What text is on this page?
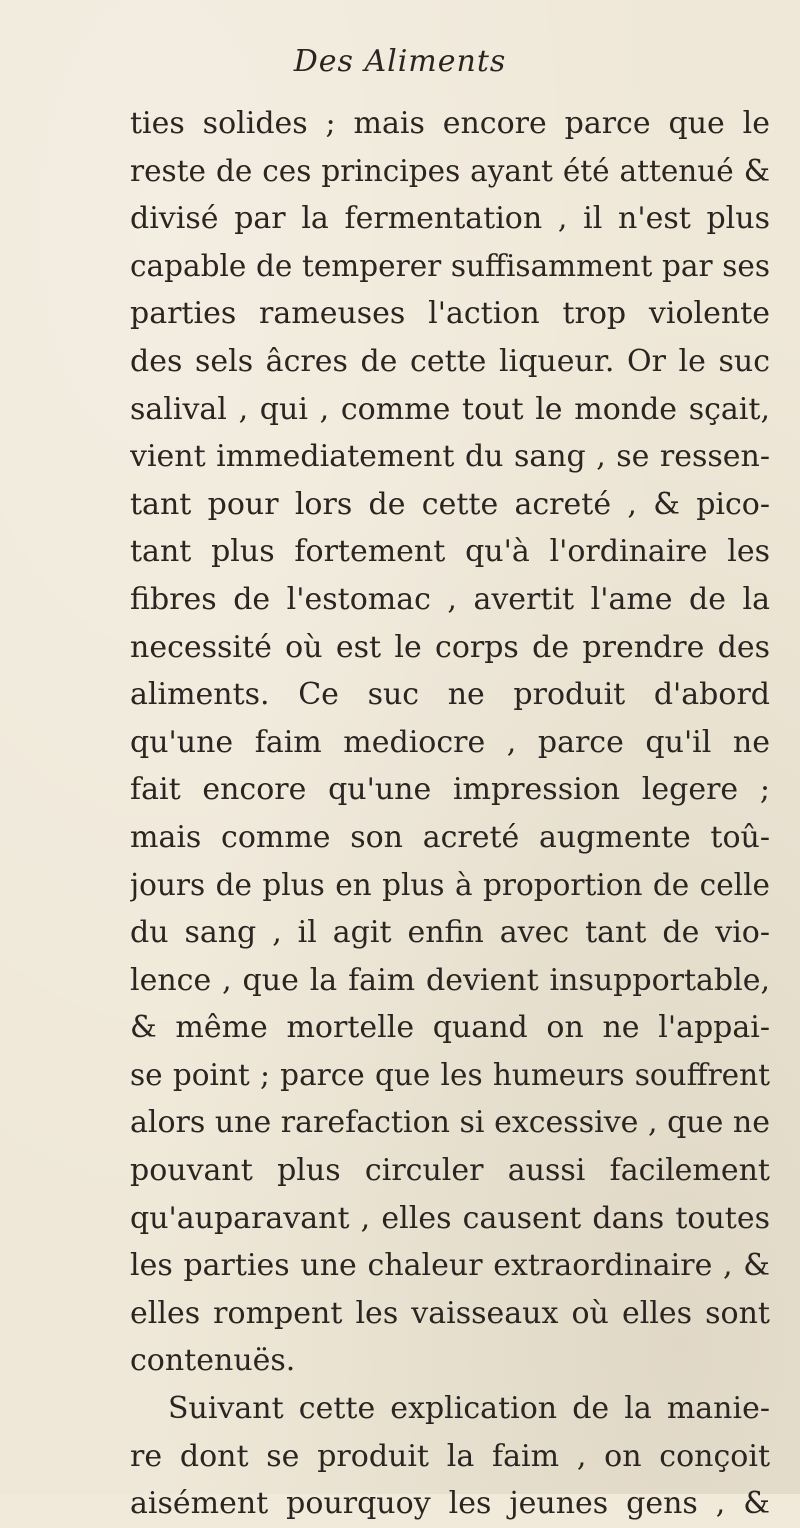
Des Aliments
ties solides ; mais encore parce que le
reste de ces principes ayant été attenué &
divisé par la fermentation , il n'est plus
capable de temperer suffisamment par ses
parties rameuses l'action trop violente
des sels âcres de cette liqueur. Or le suc
salival , qui , comme tout le monde sçait,
vient immediatement du sang , se ressen-
tant pour lors de cette acreté , & pico-
tant plus fortement qu'à l'ordinaire les
fibres de l'estomac , avertit l'ame de la
necessité où est le corps de prendre des
aliments. Ce suc ne produit d'abord
qu'une faim mediocre , parce qu'il ne
fait encore qu'une impression legere ;
mais comme son acreté augmente toû-
jours de plus en plus à proportion de celle
du sang , il agit enfin avec tant de vio-
lence , que la faim devient insupportable,
& même mortelle quand on ne l'appai-
se point ; parce que les humeurs souffrent
alors une rarefaction si excessive , que ne
pouvant plus circuler aussi facilement
qu'auparavant , elles causent dans toutes
les parties une chaleur extraordinaire , &
elles rompent les vaisseaux où elles sont
contenuës.
Suivant cette explication de la manie-
re dont se produit la faim , on conçoit
aisément pourquoy les jeunes gens , &
